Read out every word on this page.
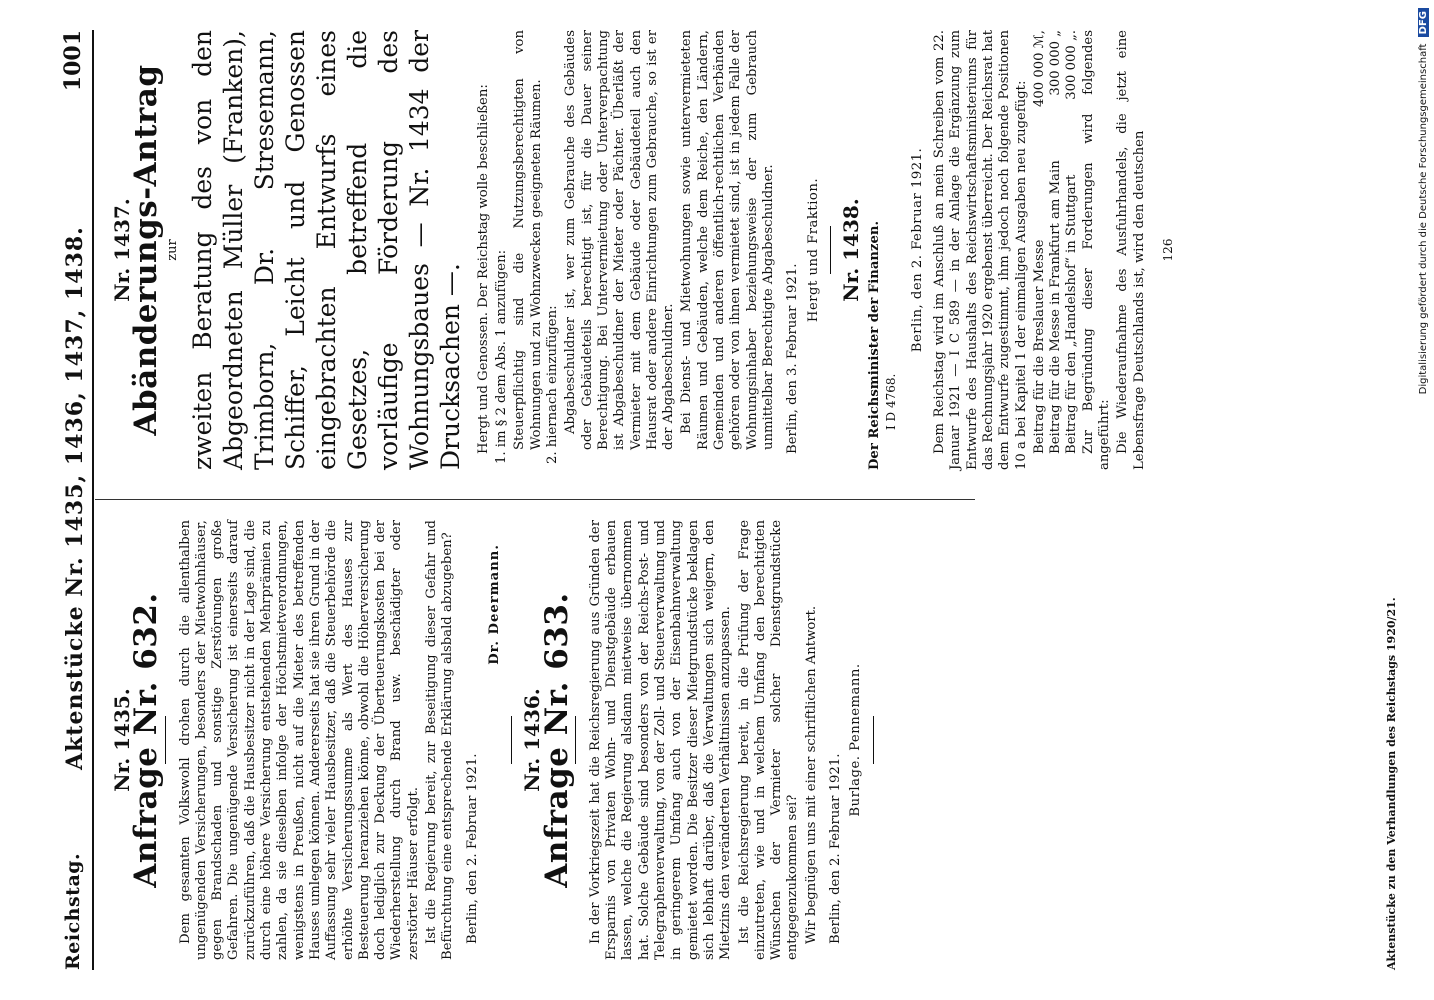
Reichstag.
Aktenstücke Nr. 1435, 1436, 1437, 1438.
1001
Nr. 1435.
Anfrage Nr. 632. Dem gesamten Volkswohl drohen durch die allenthalben ungenügenden Versicherungen, besonders der Mietwohnhäuser, gegen Brandschaden und sonstige Zerstörungen große Gefahren. Die ungenügende Versicherung ist einerseits darauf zurückzuführen, daß die Hausbesitzer nicht in der Lage sind, die durch eine höhere Versicherung entstehenden Mehrprämien zu zahlen, da sie dieselben infolge der Höchstmietverordnungen, wenigstens in Preußen, nicht auf die Mieter des betreffenden Hauses umlegen können. Andererseits hat sie ihren Grund in der Auffassung sehr vieler Hausbesitzer, daß die Steuerbehörde die erhöhte Versicherungssumme als Wert des Hauses zur Besteuerung heranziehen könne, obwohl die Höherversicherung doch lediglich zur Deckung der Überteuerungskosten bei der Wiederherstellung durch Brand usw. beschädigter oder zerstörter Häuser erfolgt. Ist die Regierung bereit, zur Beseitigung dieser Gefahr und Befürchtung eine entsprechende Erklärung alsbald abzugeben? Berlin, den 2. Februar 1921.
Dr. Deermann.
Nr. 1436.
Anfrage Nr. 633. In der Vorkriegszeit hat die Reichsregierung aus Gründen der Ersparnis von Privaten Wohn- und Dienstgebäude erbauen lassen, welche die Regierung alsdann mietweise übernommen hat. Solche Gebäude sind besonders von der Reichs-Post- und Telegraphenverwaltung, von der Zoll- und Steuerverwaltung und in geringerem Umfang auch von der Eisenbahnverwaltung gemietet worden. Die Besitzer dieser Mietgrundstücke beklagen sich lebhaft darüber, daß die Verwaltungen sich weigern, den Mietzins den veränderten Verhältnissen anzupassen. Ist die Reichsregierung bereit, in die Prüfung der Frage einzutreten, wie und in welchem Umfang den berechtigten Wünschen der Vermieter solcher Dienstgrundstücke entgegenzukommen sei? Wir begnügen uns mit einer schriftlichen Antwort. Berlin, den 2. Februar 1921.
Burlage. Pennemann.
Nr. 1437.
Abänderungs-Antrag zur zweiten Beratung des von den Abgeordneten Müller (Franken), Trimborn, Dr. Stresemann, Schiffer, Leicht und Genossen eingebrachten Entwurfs eines Gesetzes, betreffend die vorläufige Förderung des Wohnungsbaues — Nr. 1434 der Drucksachen —. Hergt und Genossen. Der Reichstag wolle beschließen: 1. im § 2 dem Abs. 1 anzufügen: Steuerpflichtig sind die Nutzungsberechtigten von Wohnungen und zu Wohnzwecken geeigneten Räumen. 2. hiernach einzufügen: Abgabeschuldner ist, wer zum Gebrauche des Gebäudes oder Gebäudeteils berechtigt ist, für die Dauer seiner Berechtigung. Bei Untervermietung oder Unterverpachtung ist Abgabeschuldner der Mieter oder Pächter. Überläßt der Vermieter mit dem Gebäude oder Gebäudeteil auch den Hausrat oder andere Einrichtungen zum Gebrauche, so ist er der Abgabeschuldner. Bei Dienst- und Mietwohnungen sowie untervermieteten Räumen und Gebäuden, welche dem Reiche, den Ländern, Gemeinden und anderen öffentlich-rechtlichen Verbänden gehören oder von ihnen vermietet sind, ist in jedem Falle der Wohnungsinhaber beziehungsweise der zum Gebrauch unmittelbar Berechtigte Abgabeschuldner. Berlin, den 3. Februar 1921.
Hergt und Fraktion. Nr. 1438. Der Reichsminister der Finanzen. I D 4768.
Berlin, den 2. Februar 1921. Dem Reichstag wird im Anschluß an mein Schreiben vom 22. Januar 1921 — I C 589 — in der Anlage die Ergänzung zum Entwurfe des Haushalts des Reichswirtschaftsministeriums für das Rechnungsjahr 1920 ergebenst überreicht. Der Reichsrat hat dem Entwurfe zugestimmt, ihm jedoch noch folgende Positionen 10 a bei Kapitel 1 der einmaligen Ausgaben neu zugefügt: Beitrag für die Breslauer Messe
400 000 ℳ,
Beitrag für die Messe in Frankfurt am Main
300 000 „
Beitrag für den „Handelshof“ in Stuttgart
300 000 „. Zur Begründung dieser Forderungen wird folgendes angeführt: Die Wiederaufnahme des Ausfuhrhandels, die jetzt eine Lebensfrage Deutschlands ist, wird den deutschen 126
Aktenstücke zu den Verhandlungen des Reichstags 1920/21.
Digitalisierung gefördert durch die Deutsche Forschungsgemeinschaft DFG
